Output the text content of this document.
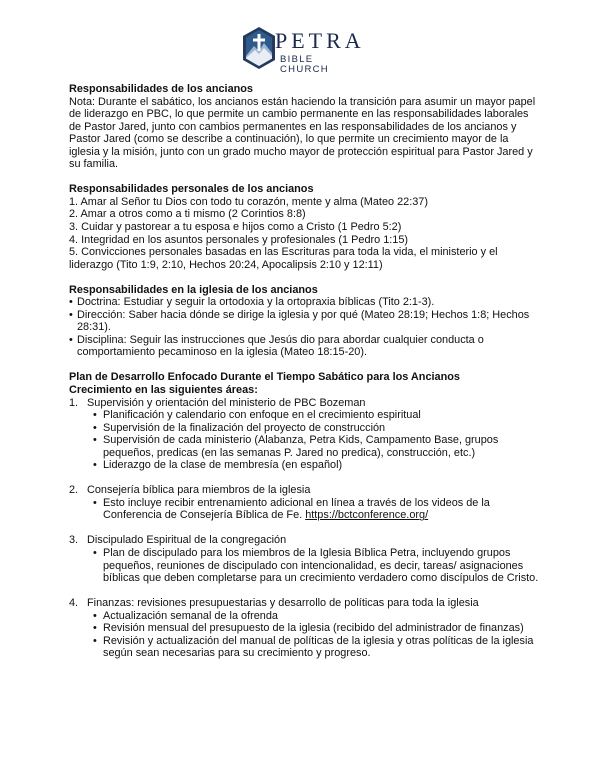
PETRA
BIBLE CHURCH

Responsabilidades de los ancianos

Nota: Durante el sabático, los ancianos están haciendo la transición para asumir un mayor papel de liderazgo en PBC, lo que permite un cambio permanente en las responsabilidades laborales de Pastor Jared, junto con cambios permanentes en las responsabilidades de los ancianos y Pastor Jared (como se describe a continuación), lo que permite un crecimiento mayor de la iglesia y la misión, junto con un grado mucho mayor de protección espiritual para Pastor Jared y su familia.

Responsabilidades personales de los ancianos

1. Amar al Señor tu Dios con todo tu corazón, mente y alma (Mateo 22:37)
2. Amar a otros como a ti mismo (2 Corintios 8:8)
3. Cuidar y pastorear a tu esposa e hijos como a Cristo (1 Pedro 5:2)
4. Integridad en los asuntos personales y profesionales (1 Pedro 1:15)
5. Convicciones personales basadas en las Escrituras para toda la vida, el ministerio y el liderazgo (Tito 1:9, 2:10, Hechos 20:24, Apocalipsis 2:10 y 12:11)

Responsabilidades en la iglesia de los ancianos

• Doctrina: Estudiar y seguir la ortodoxia y la ortopraxia bíblicas (Tito 2:1-3).
• Dirección: Saber hacia dónde se dirige la iglesia y por qué (Mateo 28:19; Hechos 1:8; Hechos 28:31).
• Disciplina: Seguir las instrucciones que Jesús dio para abordar cualquier conducta o comportamiento pecaminoso en la iglesia (Mateo 18:15-20).

Plan de Desarrollo Enfocado Durante el Tiempo Sabático para los Ancianos

Crecimiento en las siguientes áreas:

1. Supervisión y orientación del ministerio de PBC Bozeman
• Planificación y calendario con enfoque en el crecimiento espiritual
• Supervisión de la finalización del proyecto de construcción
• Supervisión de cada ministerio (Alabanza, Petra Kids, Campamento Base, grupos pequeños, predicas (en las semanas P. Jared no predica), construcción, etc.)
• Liderazgo de la clase de membresía (en español)
2. Consejería bíblica para miembros de la iglesia
• Esto incluye recibir entrenamiento adicional en línea a través de los videos de la Conferencia de Consejería Bíblica de Fe. https://bctconference.org/
3. Discipulado Espiritual de la congregación
• Plan de discipulado para los miembros de la Iglesia Bíblica Petra, incluyendo grupos pequeños, reuniones de discipulado con intencionalidad, es decir, tareas/ asignaciones bíblicas que deben completarse para un crecimiento verdadero como discípulos de Cristo.
4. Finanzas: revisiones presupuestarias y desarrollo de políticas para toda la iglesia
• Actualización semanal de la ofrenda
• Revisión mensual del presupuesto de la iglesia (recibido del administrador de finanzas)
• Revisión y actualización del manual de políticas de la iglesia y otras políticas de la iglesia según sean necesarias para su crecimiento y progreso.
